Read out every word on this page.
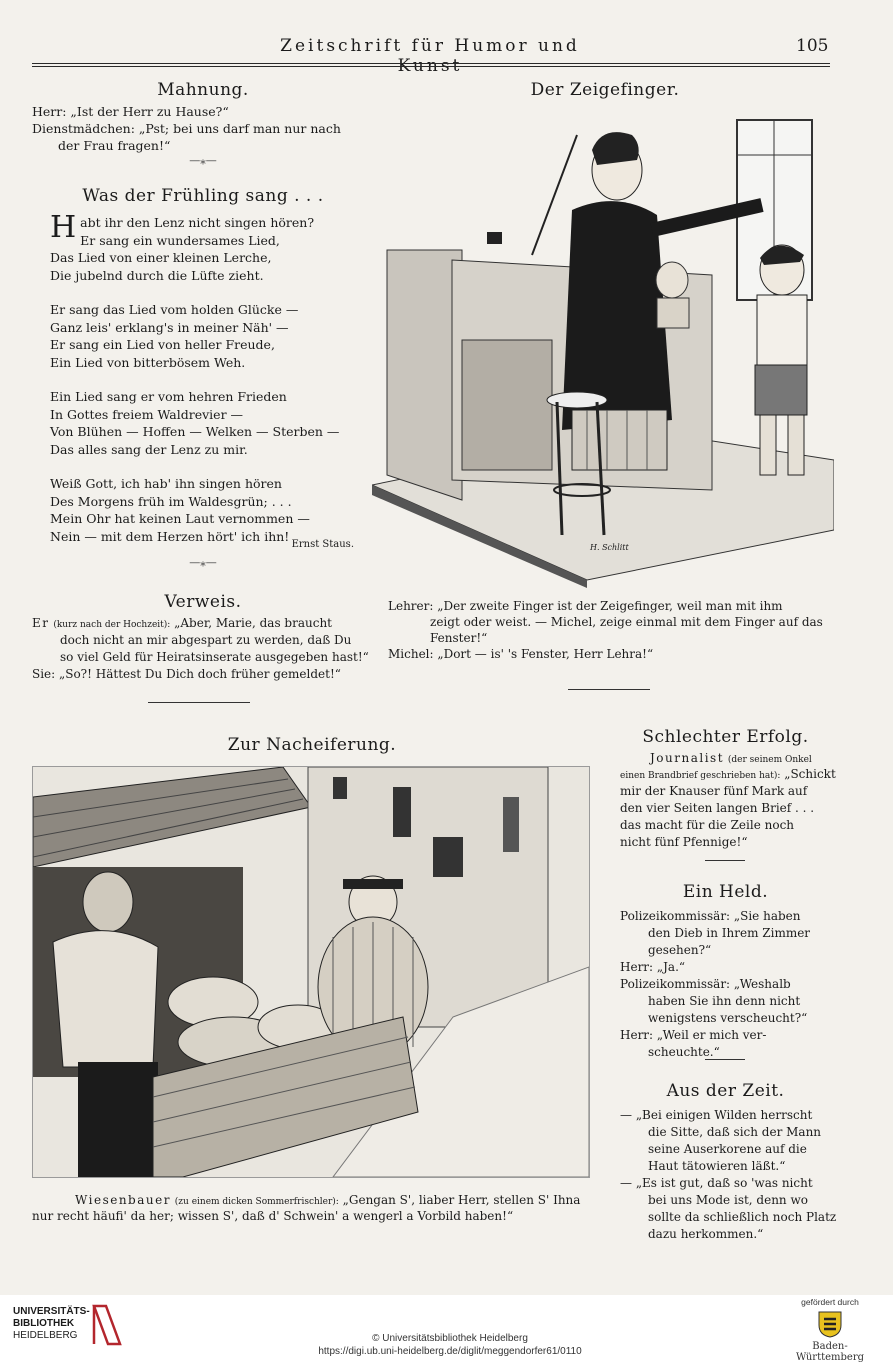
Zeitschrift für Humor und	105
Mahnung.
Herr: „Ist der Herr zu Hause?“
Dienstmädchen: „Pst; bei uns darf man nur nach
der Frau fragen!“
—⁎—
Was der Frühling sang . . .

H abt ihr den Lenz nicht singen hören?
Er sang ein wundersames Lied,
Das Lied von einer kleinen Lerche,
Die jubelnd durch die Lüfte zieht.

Er sang das Lied vom holden Glücke —
Ganz leis' erklang's in meiner Näh' —
Er sang ein Lied von heller Freude,
Ein Lied von bitterbösem Weh.

Ein Lied sang er vom hehren Frieden
In Gottes freiem Waldrevier —
Von Blühen — Hoffen — Welken — Sterben —
Das alles sang der Lenz zu mir.

Weiß Gott, ich hab' ihn singen hören
Des Morgens früh im Waldesgrün; . . .
Mein Ohr hat keinen Laut vernommen —
Nein — mit dem Herzen hört' ich ihn!

Ernst Staus.
—⁎—
Verweis.
Er (kurz nach der Hochzeit): „Aber, Marie, das braucht
doch nicht an mir abgespart zu werden, daß Du
so viel Geld für Heiratsinserate ausgegeben hast!“
Sie: „So?! Hättest Du Dich doch früher gemeldet!“
Der Zeigefinger.
H. Schlitt
Lehrer: „Der zweite Finger ist der Zeigefinger, weil man mit ihm
zeigt oder weist. — Michel, zeige einmal mit dem Finger auf das
Fenster!“
Michel: „Dort — is' 's Fenster, Herr Lehra!“
Zur Nacheiferung.
Wiesenbauer (zu einem dicken Sommerfrischler): „Gengan S', liaber Herr, stellen S' Ihna
nur recht häufi' da her; wissen S', daß d' Schwein' a wengerl a Vorbild haben!“
Schlechter Erfolg.
Journalist (der seinem Onkel
einen Brandbrief geschrieben hat): „Schickt
mir der Knauser fünf Mark auf
den vier Seiten langen Brief . . .
das macht für die Zeile noch
nicht fünf Pfennige!“
Ein Held.
Polizeikommissär: „Sie haben
den Dieb in Ihrem Zimmer
gesehen?“
Herr: „Ja.“
Polizeikommissär: „Weshalb
haben Sie ihn denn nicht
wenigstens verscheucht?“
Herr: „Weil er mich ver-
scheuchte.“
Aus der Zeit.
— „Bei einigen Wilden herrscht
die Sitte, daß sich der Mann
seine Auserkorene auf die
Haut tätowieren läßt.“
— „Es ist gut, daß so 'was nicht
bei uns Mode ist, denn wo
sollte da schließlich noch Platz
dazu herkommen.“
UNIVERSITÄTS-
BIBLIOTHEK
HEIDELBERG	© Universitätsbibliothek Heidelberg
https://digi.ub.uni-heidelberg.de/diglit/meggendorfer61/0110
gefördert durch
Baden-Württemberg
